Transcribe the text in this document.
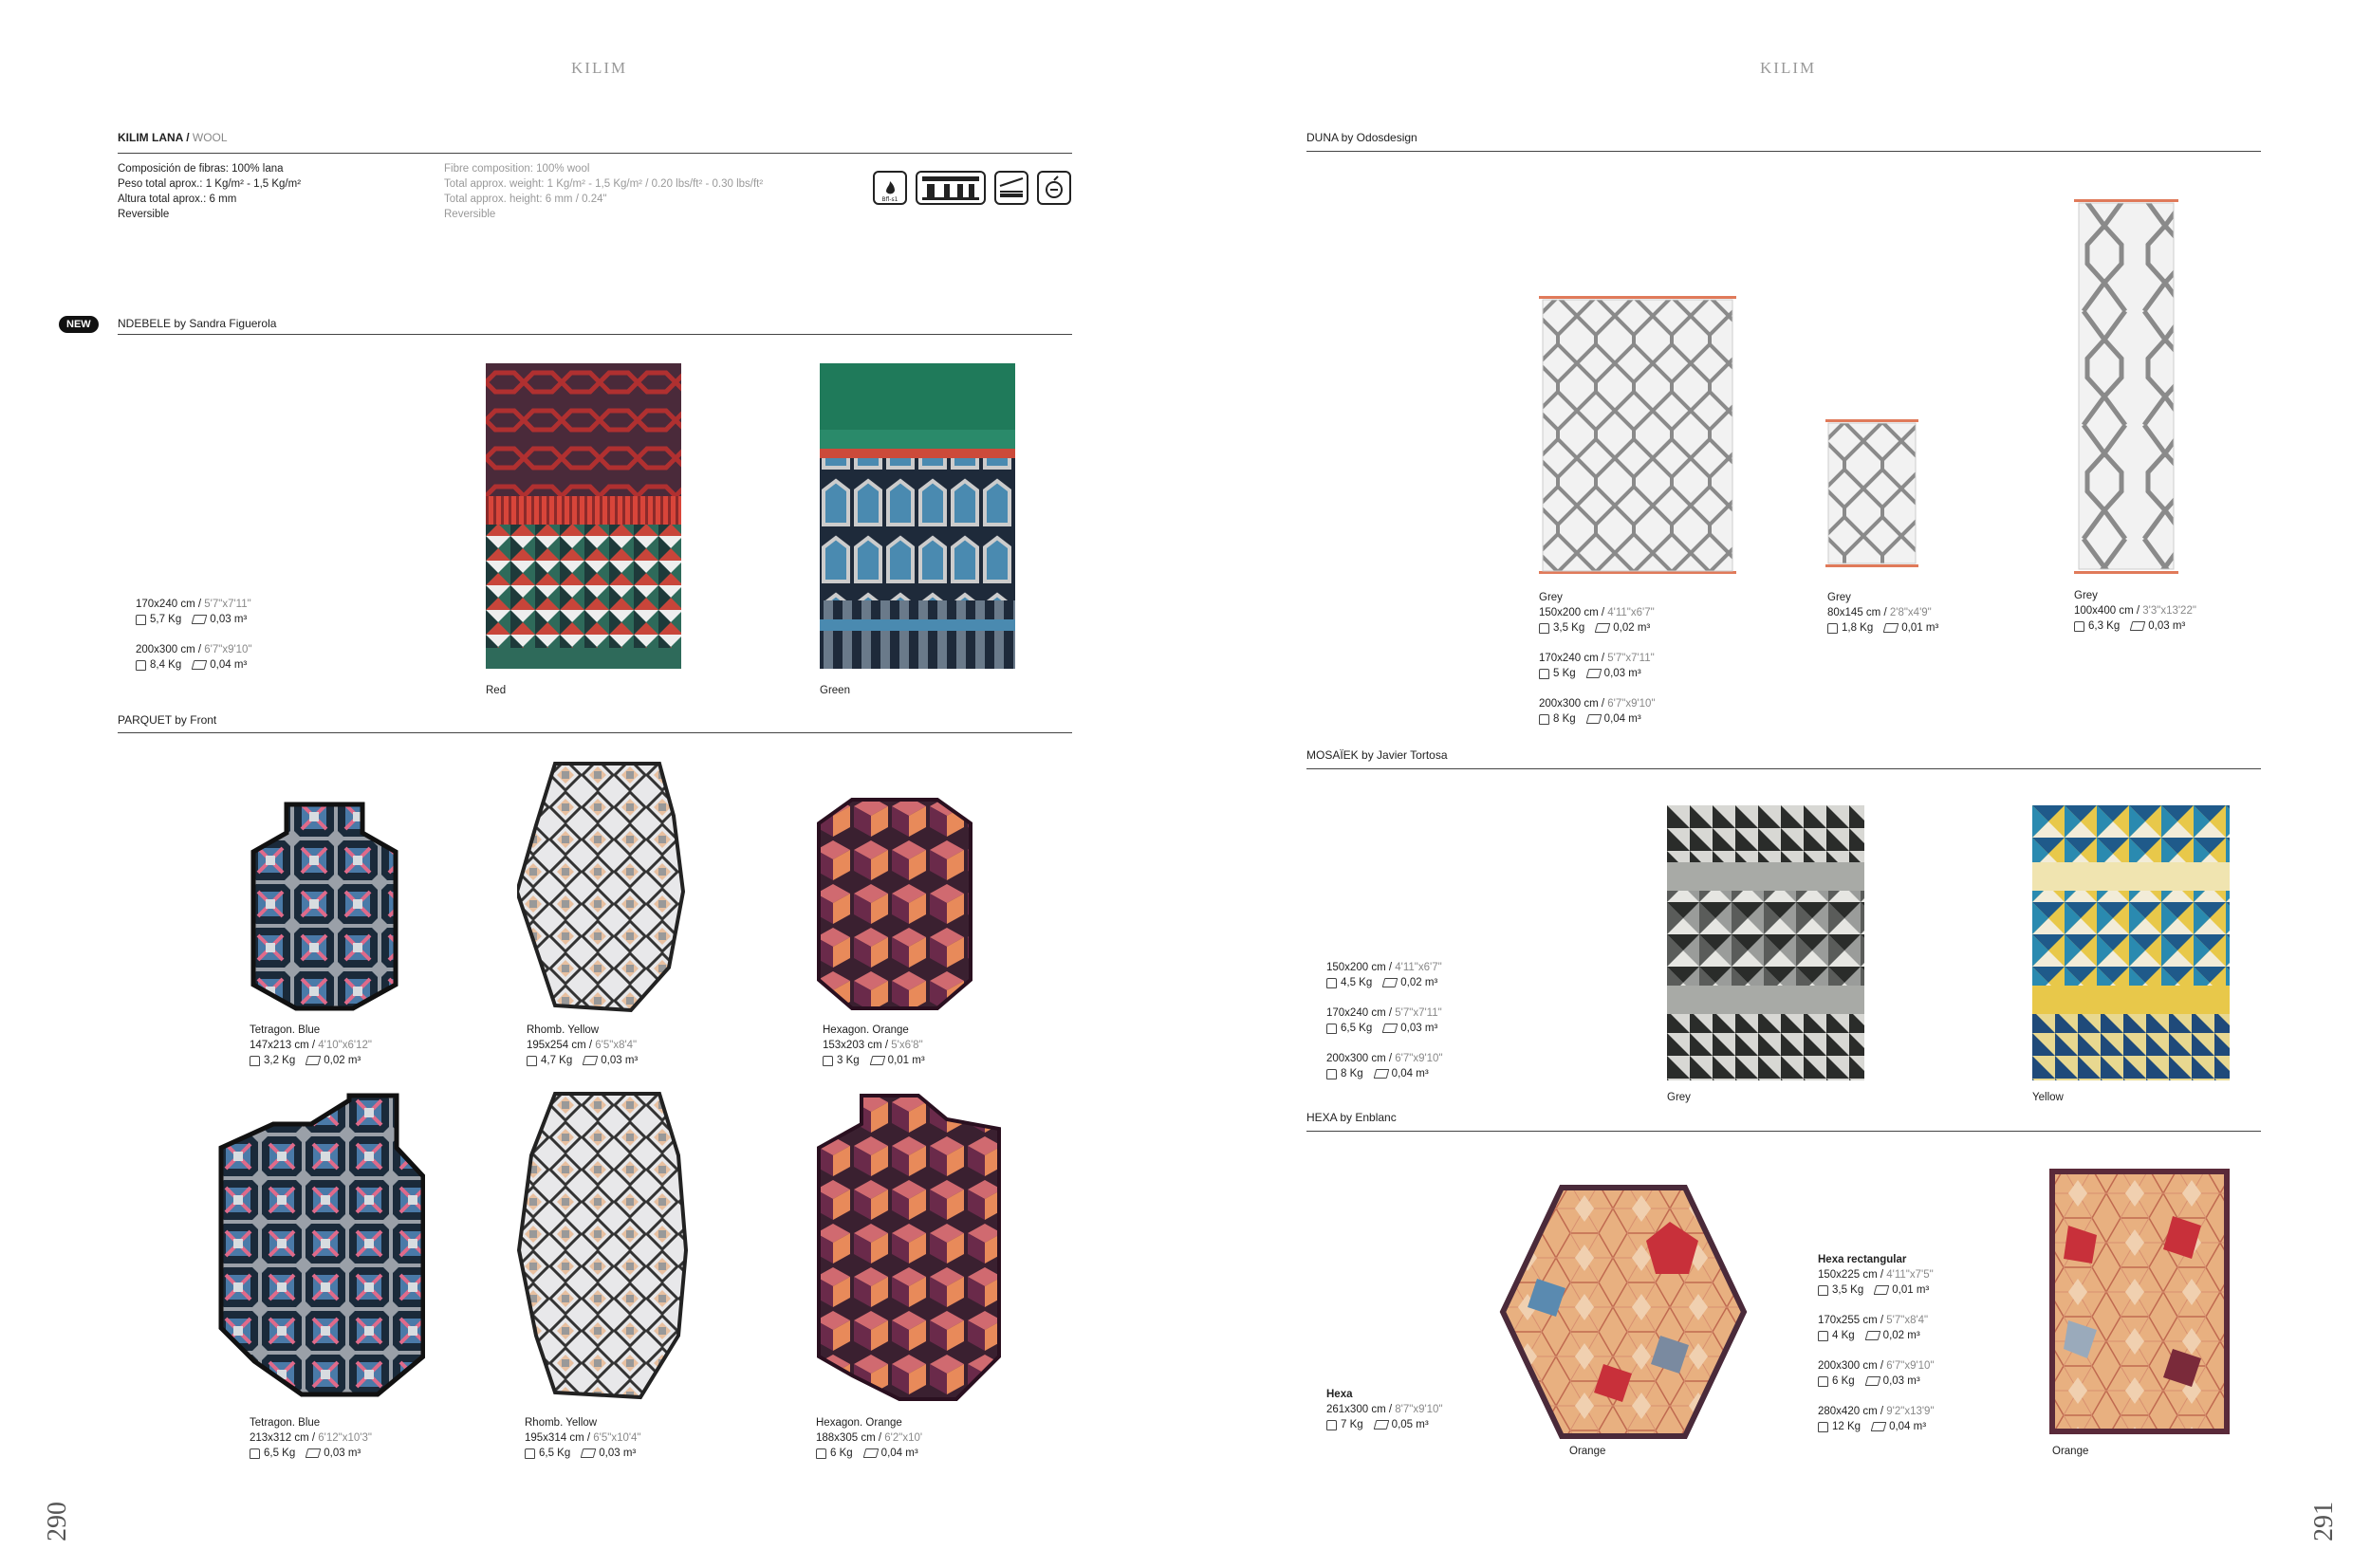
KILIM
290
KILIM LANA / WOOL
Composición de fibras: 100% lana
Peso total aprox.: 1 Kg/m² - 1,5 Kg/m²
Altura total aprox.: 6 mm
Reversible
Fibre composition: 100% wool
Total approx. weight: 1 Kg/m² - 1,5 Kg/m² / 0.20 lbs/ft² - 0.30 lbs/ft²
Total approx. height: 6 mm / 0.24"
Reversible
Bfl-s1
NEW	NDEBELE by Sandra Figuerola
170x240 cm / 5'7"x7'11"
5,7 Kg	0,03 m³
200x300 cm / 6'7"x9'10"
8,4 Kg	0,04 m³
Red	Green
PARQUET by Front
Tetragon. Blue
147x213 cm / 4'10"x6'12"
3,2 Kg	0,02 m³
Rhomb. Yellow
195x254 cm / 6'5"x8'4"
4,7 Kg	0,03 m³
Hexagon. Orange
153x203 cm / 5'x6'8"
3 Kg	0,01 m³
Tetragon. Blue
213x312 cm / 6'12"x10'3"
6,5 Kg	0,03 m³
Rhomb. Yellow
195x314 cm / 6'5"x10'4"
6,5 Kg	0,03 m³
Hexagon. Orange
188x305 cm / 6'2"x10'
6 Kg	0,04 m³
KILIM
291
DUNA by Odosdesign
Grey
150x200 cm / 4'11"x6'7"
3,5 Kg	0,02 m³
170x240 cm / 5'7"x7'11"
5 Kg	0,03 m³
200x300 cm / 6'7"x9'10"
8 Kg	0,04 m³
Grey
80x145 cm / 2'8"x4'9"
1,8 Kg	0,01 m³
Grey
100x400 cm / 3'3"x13'22"
6,3 Kg	0,03 m³
MOSAÏEK by Javier Tortosa
150x200 cm / 4'11"x6'7"
4,5 Kg	0,02 m³
170x240 cm / 5'7"x7'11"
6,5 Kg	0,03 m³
200x300 cm / 6'7"x9'10"
8 Kg	0,04 m³
Grey	Yellow
HEXA by Enblanc
Orange
Hexa
261x300 cm / 8'7"x9'10"
7 Kg	0,05 m³
Hexa rectangular
150x225 cm / 4'11"x7'5"
3,5 Kg	0,01 m³
170x255 cm / 5'7"x8'4"
4 Kg	0,02 m³
200x300 cm / 6'7"x9'10"
6 Kg	0,03 m³
280x420 cm / 9'2"x13'9"
12 Kg	0,04 m³
Orange
